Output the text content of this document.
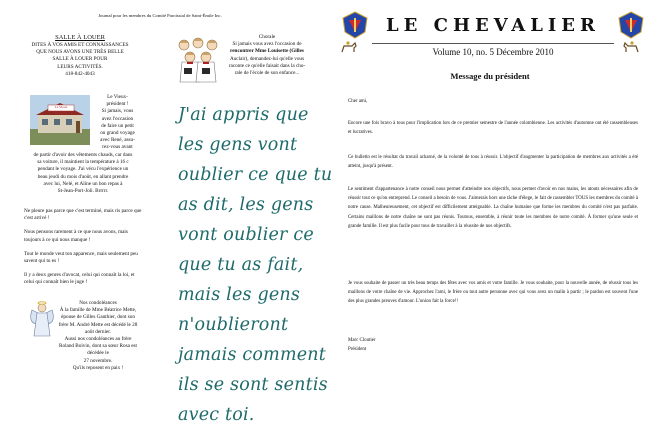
Journal pour les membres du Comité Paroissial de Saint-Émile Inc.
SALLE À LOUER
DITES À VOS AMIS ET CONNAISSANCES
QUE NOUS AVONS UNE TRÈS BELLE
SALLE À LOUER POUR
LEURS ACTIVITÉS.
418-842-4043
Chorale
Si jamais vous avez l'occasion de
rencontrer Mme Louisette (Gilles
Auclair), demandez-lui qu'elle vous
raconte ce qu'elle faisait dans la cho-
rale de l'école de son enfance...
Le Vieux Président
Le Vieux-
président !
Si jamais, vous
avez l'occasion
de faire un petit
ou grand voyage
avec René, assu-
rez-vous avant
de partir d'avoir des vêtements chauds, car dans
sa voiture, il maintient la température à 16 c
pendant le voyage. J'ai vécu l'expérience un
beau jeudi du mois d'août, en allant prendre
avec lui, Nelé, et Aline un bon repas à
St-Jean-Port-Joli. Brrrrr.

Ne pleure pas parce que c'est terminé, mais ris parce que c'est arrivé !

Nous pensons rarement à ce que nous avons, mais toujours à ce qui nous manque !

Tout le monde veut ton apparence, mais seulement peu savent qui tu es !

Il y a deux genres d'avocat, celui qui connaît la loi, et celui qui connaît bien le juge !

Nos condoléances
À la famille de Mme Béatrice Mette,
épouse de Gilles Gauthier, dont son
frère M. André Mette est décédé le 28
août dernier.
Aussi nos condoléances au frère
Roland Boivin, dont sa sœur Rosa est décédée le
27 novembre.
Qu'ils reposent en paix !
J'ai appris que les gens vont oublier ce que tu as dit, les gens vont oublier ce que tu as fait, mais les gens n'oublieront jamais comment ils se sont sentis avec toi.
LE CHEVALIER
Volume 10, no. 5 Décembre 2010
Message du président
Cher ami,
Encore une fois bravo à tous pour l'implication lors de ce premier semestre de l'année colombienne. Les activités d'automne ont été rassembleuses et lucratives.
Ce bulletin est le résultat du travail acharné, de la volonté de tous à réussir. L'objectif d'augmenter la participation de membres aux activités a été atteint, jusqu'à présent.
Le sentiment d'appartenance à notre conseil nous permet d'atteindre nos objectifs, nous permet d'avoir en nos mains, les atouts nécessaires afin de réussir tout ce qu'on entreprend. Le conseil a besoin de vous. J'aimerais hors une tâche d'élege, le fait de rassembler TOUS les membres du comité à notre cause. Malheureusement, cet objectif est difficilement atteignable. La chaîne humaine que forme les membres du comité n'est pas parfaite. Certains maillons de notre chaîne ne sont pas réunis. Toutous, ensemble, à réunir toute les membres de notre comité. À former qu'une seule et grande famille. Il est plus facile pour tous de travailler à la réussite de nos objectifs.
Je vous souhaite de passer un très beau temps des fêtes avec vos amis et votre famille. Je vous souhaite, pour la nouvelle année, de réussir tous les maillons de votre chaîne de vie. Approchez l'ami, le frère ou tout autre personne avec qui vous avez un malin à partir ; le pardon est souvent l'une des plus grandes preuves d'amour. L'union fait la force!!
Marc Cloutier
Président
